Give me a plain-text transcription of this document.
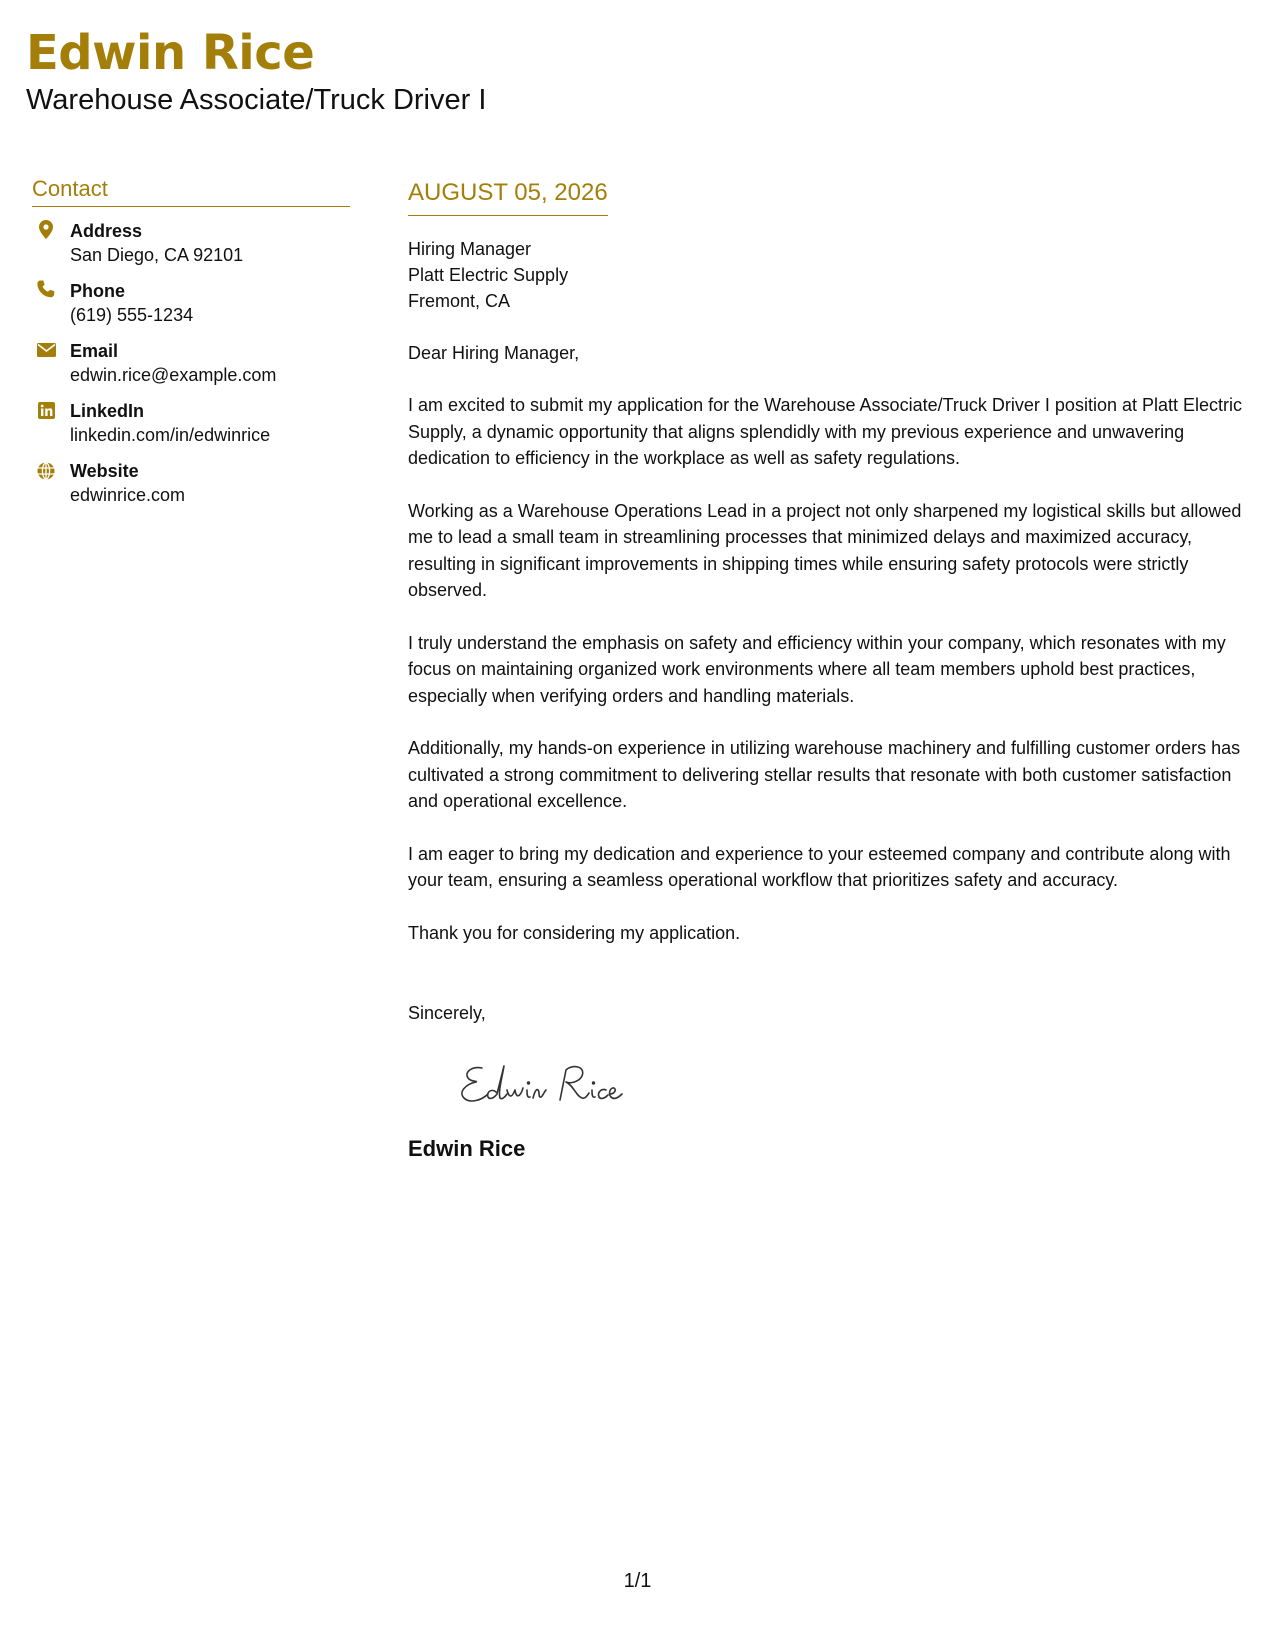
Edwin Rice
Warehouse Associate/Truck Driver I
Contact
Address
San Diego, CA 92101
Phone
(619) 555-1234
Email
edwin.rice@example.com
LinkedIn
linkedin.com/in/edwinrice
Website
edwinrice.com
AUGUST 05, 2026
Hiring Manager
Platt Electric Supply
Fremont, CA
Dear Hiring Manager,
I am excited to submit my application for the Warehouse Associate/Truck Driver I position at Platt Electric Supply, a dynamic opportunity that aligns splendidly with my previous experience and unwavering dedication to efficiency in the workplace as well as safety regulations.
Working as a Warehouse Operations Lead in a project not only sharpened my logistical skills but allowed me to lead a small team in streamlining processes that minimized delays and maximized accuracy, resulting in significant improvements in shipping times while ensuring safety protocols were strictly observed.
I truly understand the emphasis on safety and efficiency within your company, which resonates with my focus on maintaining organized work environments where all team members uphold best practices, especially when verifying orders and handling materials.
Additionally, my hands-on experience in utilizing warehouse machinery and fulfilling customer orders has cultivated a strong commitment to delivering stellar results that resonate with both customer satisfaction and operational excellence.
I am eager to bring my dedication and experience to your esteemed company and contribute along with your team, ensuring a seamless operational workflow that prioritizes safety and accuracy.
Thank you for considering my application.
Sincerely,
Edwin Rice
1/1
